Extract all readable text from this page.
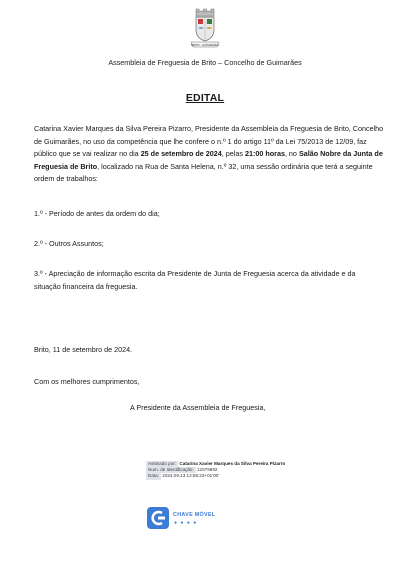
BRITO · GUIMARÃES
Assembleia de Freguesia de Brito – Concelho de Guimarães
EDITAL
Catarina Xavier Marques da Silva Pereira Pizarro, Presidente da Assembleia da Freguesia de Brito, Concelho de Guimarães, no uso da competência que lhe confere o n.º 1 do artigo 11º da Lei 75/2013 de 12/09, faz público que se vai realizar no dia 25 de setembro de 2024, pelas 21:00 horas, no Salão Nobre da Junta de Freguesia de Brito, localizado na Rua de Santa Helena, n.º 32, uma sessão ordinária que terá a seguinte ordem de trabalhos:
1.º - Período de antes da ordem do dia;
2.º - Outros Assuntos;
3.º - Apreciação de informação escrita da Presidente de Junta de Freguesia acerca da atividade e da situação financeira da freguesia.
Brito, 11 de setembro de 2024.
Com os melhores cumprimentos,
A Presidente da Assembleia de Freguesia,
Assinado por: Catarina Xavier Marques da Silva Pereira Pizarro
Num. de Identificação: 12079692
Data: 2024.09.13 12:56:23+01'00'
CHAVE MÓVEL
● ● ● ●
